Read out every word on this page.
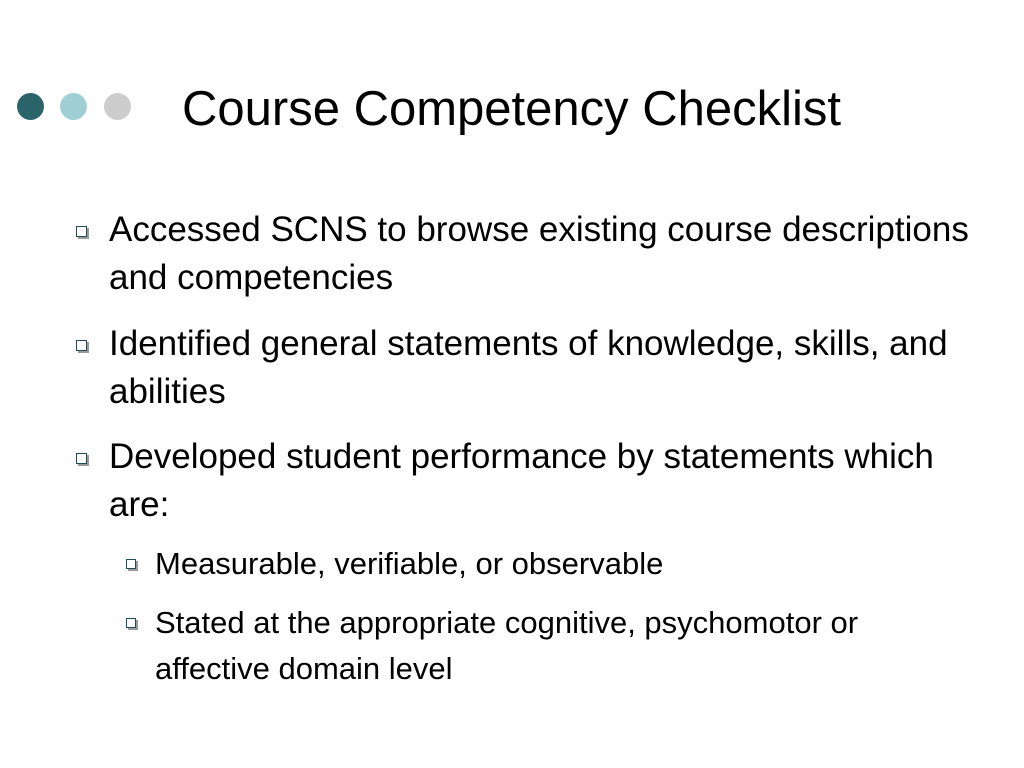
Course Competency Checklist
Accessed SCNS to browse existing course descriptions and competencies
Identified general statements of knowledge, skills, and abilities
Developed student performance by statements which are:
Measurable, verifiable, or observable
Stated at the appropriate cognitive, psychomotor or affective domain level
